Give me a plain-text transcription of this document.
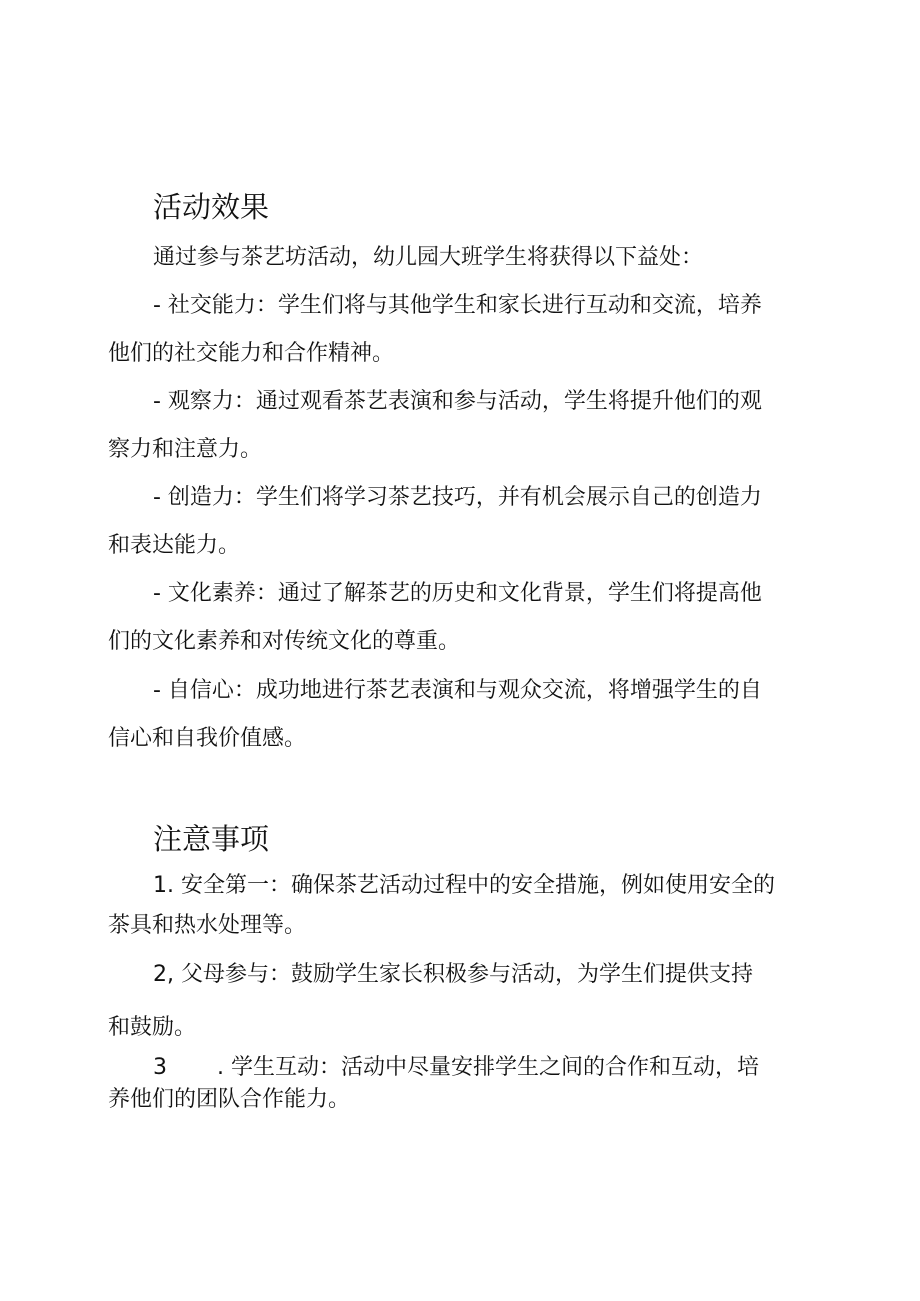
活动效果

通过参与茶艺坊活动，幼儿园大班学生将获得以下益处：

- 社交能力：学生们将与其他学生和家长进行互动和交流，培养

他们的社交能力和合作精神。

- 观察力：通过观看茶艺表演和参与活动，学生将提升他们的观

察力和注意力。

- 创造力：学生们将学习茶艺技巧，并有机会展示自己的创造力

和表达能力。

- 文化素养：通过了解茶艺的历史和文化背景，学生们将提高他

们的文化素养和对传统文化的尊重。

- 自信心：成功地进行茶艺表演和与观众交流，将增强学生的自

信心和自我价值感。

注意事项

1. 安全第一：确保茶艺活动过程中的安全措施，例如使用安全的

茶具和热水处理等。

2, 父母参与：鼓励学生家长积极参与活动，为学生们提供支持

和鼓励。

3 . 学生互动：活动中尽量安排学生之间的合作和互动，培

养他们的团队合作能力。
